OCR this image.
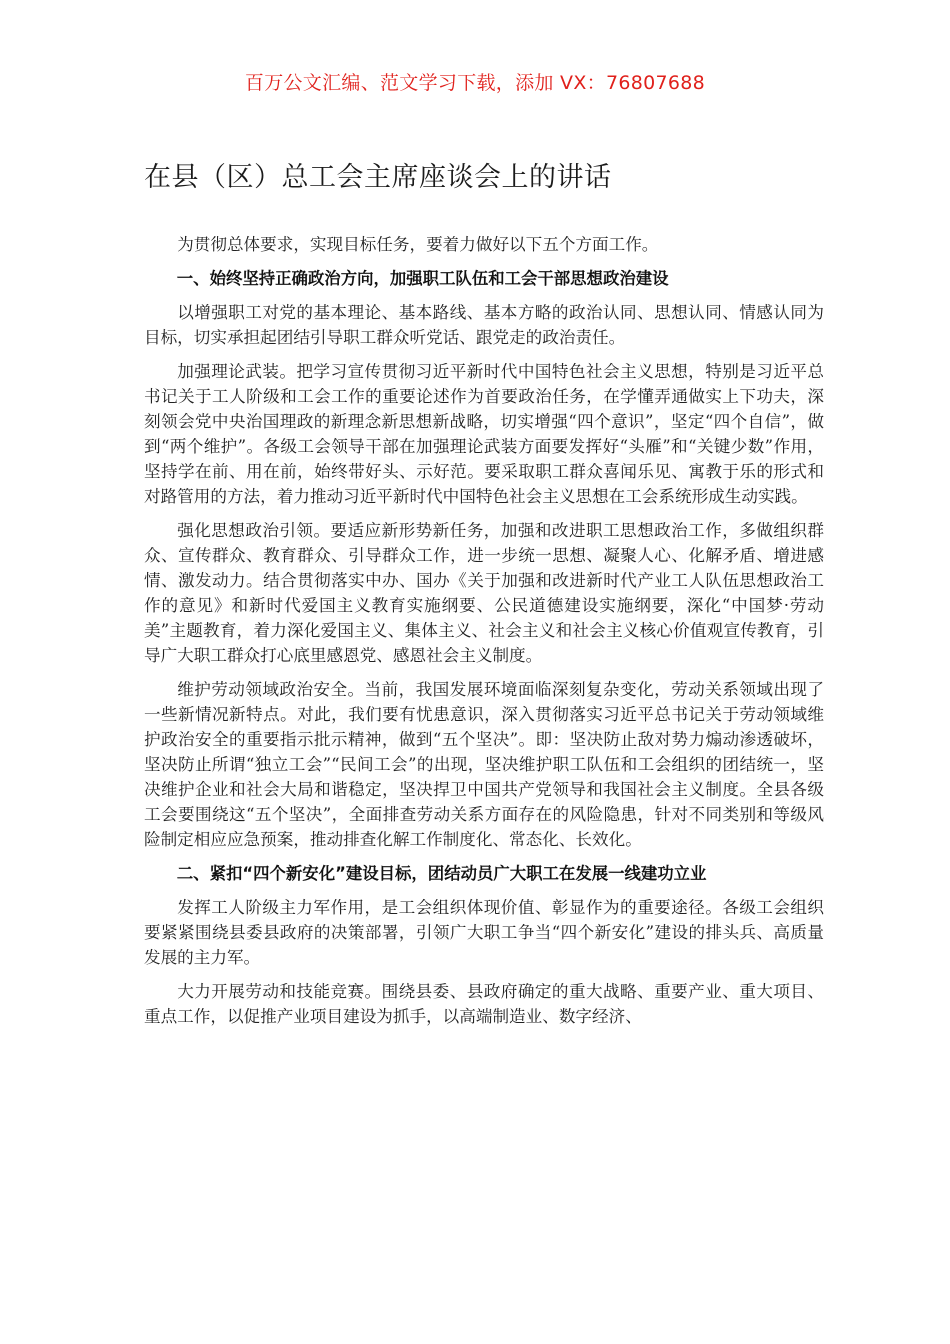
百万公文汇编、范文学习下载，添加 VX：76807688
在县（区）总工会主席座谈会上的讲话

为贯彻总体要求，实现目标任务，要着力做好以下五个方面工作。

一、始终坚持正确政治方向，加强职工队伍和工会干部思想政治建设

以增强职工对党的基本理论、基本路线、基本方略的政治认同、思想认同、情感认同为目标，切实承担起团结引导职工群众听党话、跟党走的政治责任。

加强理论武装。把学习宣传贯彻习近平新时代中国特色社会主义思想，特别是习近平总书记关于工人阶级和工会工作的重要论述作为首要政治任务，在学懂弄通做实上下功夫，深刻领会党中央治国理政的新理念新思想新战略，切实增强“四个意识”，坚定“四个自信”，做到“两个维护”。各级工会领导干部在加强理论武装方面要发挥好“头雁”和“关键少数”作用，坚持学在前、用在前，始终带好头、示好范。要采取职工群众喜闻乐见、寓教于乐的形式和对路管用的方法，着力推动习近平新时代中国特色社会主义思想在工会系统形成生动实践。

强化思想政治引领。要适应新形势新任务，加强和改进职工思想政治工作，多做组织群众、宣传群众、教育群众、引导群众工作，进一步统一思想、凝聚人心、化解矛盾、增进感情、激发动力。结合贯彻落实中办、国办《关于加强和改进新时代产业工人队伍思想政治工作的意见》和新时代爱国主义教育实施纲要、公民道德建设实施纲要，深化“中国梦·劳动美”主题教育，着力深化爱国主义、集体主义、社会主义和社会主义核心价值观宣传教育，引导广大职工群众打心底里感恩党、感恩社会主义制度。

维护劳动领域政治安全。当前，我国发展环境面临深刻复杂变化，劳动关系领域出现了一些新情况新特点。对此，我们要有忧患意识，深入贯彻落实习近平总书记关于劳动领域维护政治安全的重要指示批示精神，做到“五个坚决”。即：坚决防止敌对势力煽动渗透破坏，坚决防止所谓“独立工会”“民间工会”的出现，坚决维护职工队伍和工会组织的团结统一，坚决维护企业和社会大局和谐稳定，坚决捍卫中国共产党领导和我国社会主义制度。全县各级工会要围绕这“五个坚决”，全面排查劳动关系方面存在的风险隐患，针对不同类别和等级风险制定相应应急预案，推动排查化解工作制度化、常态化、长效化。

二、紧扣“四个新安化”建设目标，团结动员广大职工在发展一线建功立业

发挥工人阶级主力军作用，是工会组织体现价值、彰显作为的重要途径。各级工会组织要紧紧围绕县委县政府的决策部署，引领广大职工争当“四个新安化”建设的排头兵、高质量发展的主力军。

大力开展劳动和技能竞赛。围绕县委、县政府确定的重大战略、重要产业、重大项目、重点工作，以促推产业项目建设为抓手，以高端制造业、数字经济、
